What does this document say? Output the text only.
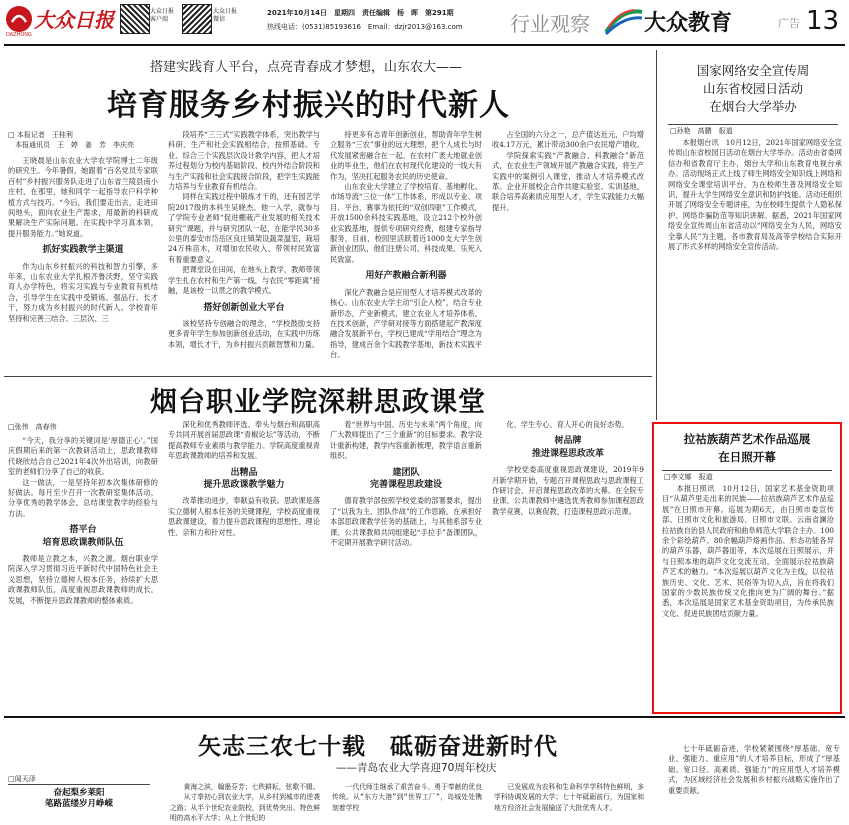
大众日报
DAZHONG
大众日报
客户端
大众日报
微信
2021年10月14日　星期四　责任编辑　杨　晖　第291期
热线电话：(0531)85193616　Email：dzjr2013@163.com 行业观察 大众教育	广告 13
搭建实践育人平台，点亮青春成才梦想，山东农大——
培育服务乡村振兴的时代新人
□ 本报记者　王桂利
　本报通讯员　王　婷　姜　芳　李庆亮

王晓晨是山东农业大学农学院博士二年级的研究生。今年暑假，她跟着“百名党员专家联百村”乡村振兴服务队走进了山东省兰陵县南小庄村，在那里，她和同学一起指导农户科学种植方式与技巧。“今后，我们要走出去，走进田间地头，面向农业生产需求，用最新的科研成果解决生产实际问题。在实践中学习真本领，提升服务能力。”她说道。

抓好实践教学主渠道

作为山东乡村振兴的科技和智力引擎，多年来，山东农业大学扎根齐鲁沃野，坚守实践育人办学特色，将实习实践与专业教育有机结合，引导学生在实践中受锻炼、强品行、长才干，努力成为乡村振兴的时代新人。学校青年坚持和完善三结合、三层次、三

段培养“三三式”实践教学体系，突出教学与科研、生产和社会实践相结合，按照基础、专业、综合三个实践层次设计教学内容，把人才培养过程划分为校内基础阶段、校内外结合阶段和与生产实践和社会实践接合阶段，把学生实践能力培养与专业教育有机结合。

同样在实践过程中锻炼才干的，还有园艺学院2017级的本科生吴晓杰。他一入学，就参与了学院专业老师“促进棚栽产业发展的相关技术研究”课题，并与研究团队一起，在能学民30多公里的泰安市岱岳区良庄镇架设蔬菜温室，栽培24万株苗木，对增加农民收入、带领村民致富有着重要意义。

把课堂设在田间，在地头上教学，教师带领学生扎在农村和生产第一线，与农民“零距离”接触，是该校一以贯之的教学模式。

搭好创新创业大平台

该校坚持专创融合的理念，“学校鼓励支持更多青年学生参加创新创业活动，在实践中历练本领，增长才干，为乡村振兴贡献智慧和力量。

持更多有志青年创新创业，帮助青年学生树立服务“三农”事业的远大理想，把个人成长与时代发展紧密融合在一起。在农村广袤大地就业创业的毕业生，他们在农村现代化建设的一线大有作为，坚决扛起服务农民的历史使命。

山东农业大学建立了学校培育、基地孵化、市场导流“三位一体”工作体系，形成以专业、项目、平台、赛事为依托的“双创四驱”工作模式，开放1500余科技实践基地，设立212个校外创业实践基地，提供专项研究经费，组建专家指导服务，目前，校园里活跃着近1000支大学生创新创业团队，他们注册公司、科技成果、乐死入民致富。

用好产教融合新利器

深化产教融合是应用型人才培养模式改革的核心。山东农业大学主动“引企入校”，结合专业新形态，产业新模式，建立农业人才培养体系，在技术创新，产学研对接等方面搭建起产教深度融合发展新平台，学校已建成“学用结合”理念为指导，建成百余个实践教学基地，新技术实践平台。

占全国的六分之一，总产值达近元，户均增收4.17万元，累计带动300余户农民增产增收。

学院探索实践“产教融合、科教融合”新范式，在农业生产领域开展产教融合实践，将生产实践中的案例引入课堂，推动人才培养模式改革。企业开展校企合作共建实验室、实训基地，联合培养高素质应用型人才，学生实践能力大幅提升。

国家网络安全宣传周
山东省校园日活动
在烟台大学举办
□孙艳　高鹏　报道

本报烟台讯　10月12日，2021年国家网络安全宣传周山东省校园日活动在烟台大学举办。活动由省委网信办和省教育厅主办，烟台大学和山东教育电视台承办。活动现场正式上线了师生网络安全知识线上网络和网络安全课堂培训平台，为在校师生普及网络安全知识，提升大学生网络安全意识和防护技能。活动还组织开展了网络安全专题讲座，为在校师生提供个人隐私保护、网络诈骗防范等知识讲解。据悉，2021年国家网络安全宣传周山东省活动以“网络安全为人民，网络安全靠人民”为主题，各市教育局及高等学校结合实际开展了形式多样的网络安全宣传活动。

烟台职业学院深耕思政课堂
□张伟　高春伟

“今天，我分享的关键词是‘厚德正心’。”国庆假期后来的第一次教研活动上，思政课教师代晓欣结合自己2021年4次外出培训，向教研室的老师们分享了自己的收获。

这一做法，一是坚持年初本次集体研修的好做法。每月至少召开一次教研室集体活动，分享优秀的教学体会，总结课堂教学的经验与方法。

搭平台
培育思政课教师队伍

教师是立教之本，兴教之源。烟台职业学院深入学习贯彻习近平新时代中国特色社会主义思想，坚持立德树人根本任务，持续扩大思政课教师队伍，高度重视思政课教师的成长，发展，不断提升思政课教师的整体素质。

深化和优秀教师评选、奉头与烟台和高职高专共同开展首届思政课“青椒论坛”等活动，不断提高教师专业素质与教学能力。学院高度重视青年思政课教师的培养和发展。

出精品
提升思政课教学魅力

改革推动进步，奉献益有收获。思政课是落实立德树人根本任务的关键课程，学校高度重视思政课建设，着力提升思政课程的思想性、理论性、亲和力和针对性。

着“世界与中国、历史与未来”两个角度，向广大教师提出了“三个重新”的目标要求。教学设计重新构建，教学内容重新梳理，教学语言重新组织。

建团队
完善课程思政建设

德育教学部按照学校党委的部署要求，提出了“以我为主、团队作战”的工作思路，在承担好本部思政课教学任务的基础上，与其他系部专业课、公共课教师共同组建起“手拉手”备课团队，不定期开展教学研讨活动。

化、学生专心、育人开心的良好态势。

树品牌
推进课程思政改革

学校党委高度重视思政课建设，2019年9月新学期开始，专题召开课程思政与思政课程工作研讨会，开启课程思政改革的大幕。在全院专业课、公共课教师中遴选优秀教师参加课程思政教学竞赛，以赛促教，打造课程思政示范课。

拉祜族葫芦艺术作品巡展
在日照开幕
□李文娜　报道

本报日照讯　10月12日，国家艺术基金资助项目“从葫芦里走出来的民族——拉祜族葫芦艺术作品巡展”在日照市开幕。巡展为期6天，由日照市委宣传部、日照市文化和旅游局、日照市文联、云南省澜沧拉祜族自治县人民政府和曲阜师范大学联合主办。100余个彩绘葫芦、80余幅葫芦烙画作品、形态功能各异的葫芦乐器，葫芦器皿等，本次巡展在日照展示，并与日照本地的葫芦文化交流互动，全面展示拉祜族葫芦艺术的魅力。“本次巡展以葫芦文化为主线，以拉祜族历史、文化、艺术、民俗等为切入点，旨在将我们国家的少数民族传统文化推向更为广阔的舞台。”据悉，本次巡展是国家艺术基金资助项目，为传承民族文化、促进民族团结贡献力量。

矢志三农七十载　砥砺奋进新时代
——青岛农业大学喜迎70周年校庆
□闻天泽
奋起梨乡莱阳
笔路蓝缕岁月峥嵘

黄海之滨，翰墨芬芳；七秩耕耘，弦歌不辍。

从寸拳初心到农业大学，从乡村到城市的逆袭之路；从半个世纪农业院校，到优势突出、特色鲜明的高水平大学；从上个世纪的

一代代师生继承了艰苦奋斗、勇于奉献的优良传统。从“东方大港”到“世界工厂”，岛城处处镌刻着学校

已发展成为农科和生命科学学科特色鲜明，多学科协调发展的大学；七十年砥砺前行，为国家和地方经济社会发展输送了大批优秀人才。

七十年砥砺奋进，学校紧紧围绕“厚基础、宽专业、强能力、重应用”的人才培养目标，形成了“厚基础、宽口径、高素质、强能力”的应用型人才培养模式，为区域经济社会发展和乡村振兴战略实施作出了重要贡献。
